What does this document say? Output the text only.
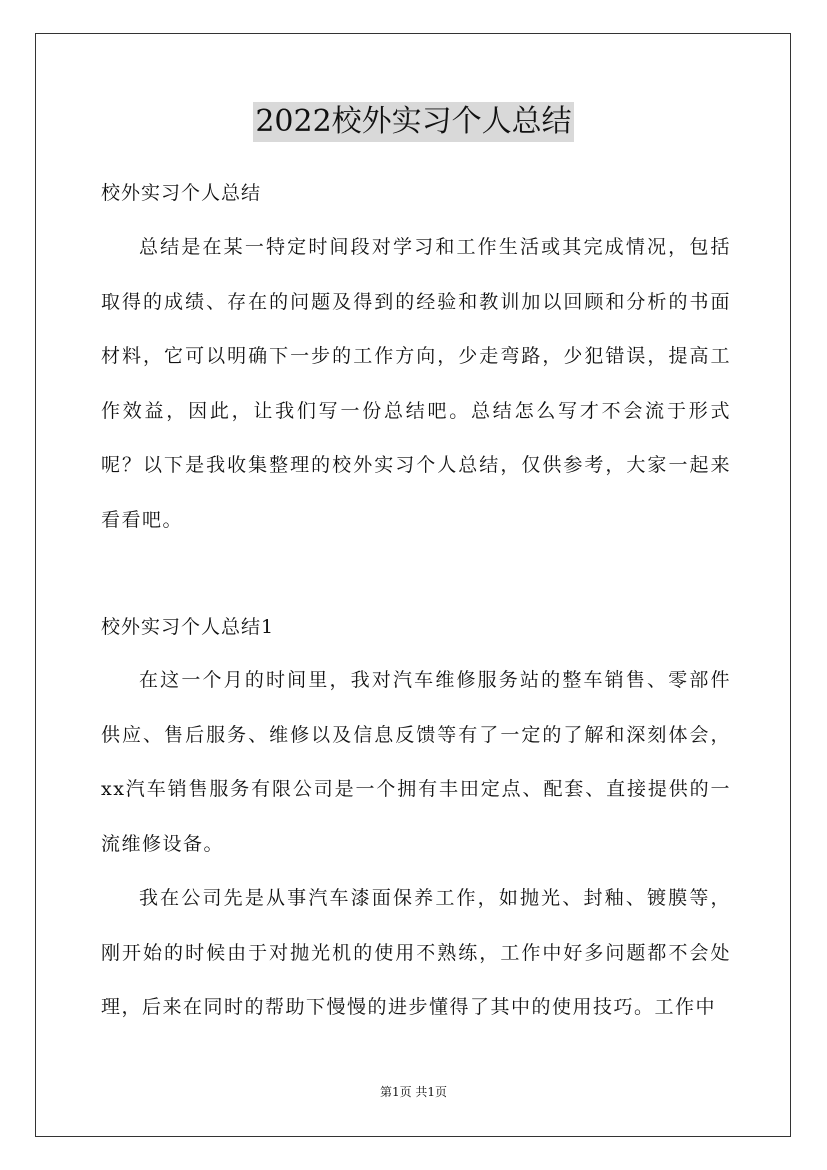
2022校外实习个人总结
校外实习个人总结

总结是在某一特定时间段对学习和工作生活或其完成情况，包括取得的成绩、存在的问题及得到的经验和教训加以回顾和分析的书面材料，它可以明确下一步的工作方向，少走弯路，少犯错误，提高工作效益，因此，让我们写一份总结吧。总结怎么写才不会流于形式呢？以下是我收集整理的校外实习个人总结，仅供参考，大家一起来看看吧。

校外实习个人总结1

在这一个月的时间里，我对汽车维修服务站的整车销售、零部件供应、售后服务、维修以及信息反馈等有了一定的了解和深刻体会，xx汽车销售服务有限公司是一个拥有丰田定点、配套、直接提供的一流维修设备。

我在公司先是从事汽车漆面保养工作，如抛光、封釉、镀膜等，刚开始的时候由于对抛光机的使用不熟练，工作中好多问题都不会处理，后来在同时的帮助下慢慢的进步懂得了其中的使用技巧。工作中

第1页 共1页
